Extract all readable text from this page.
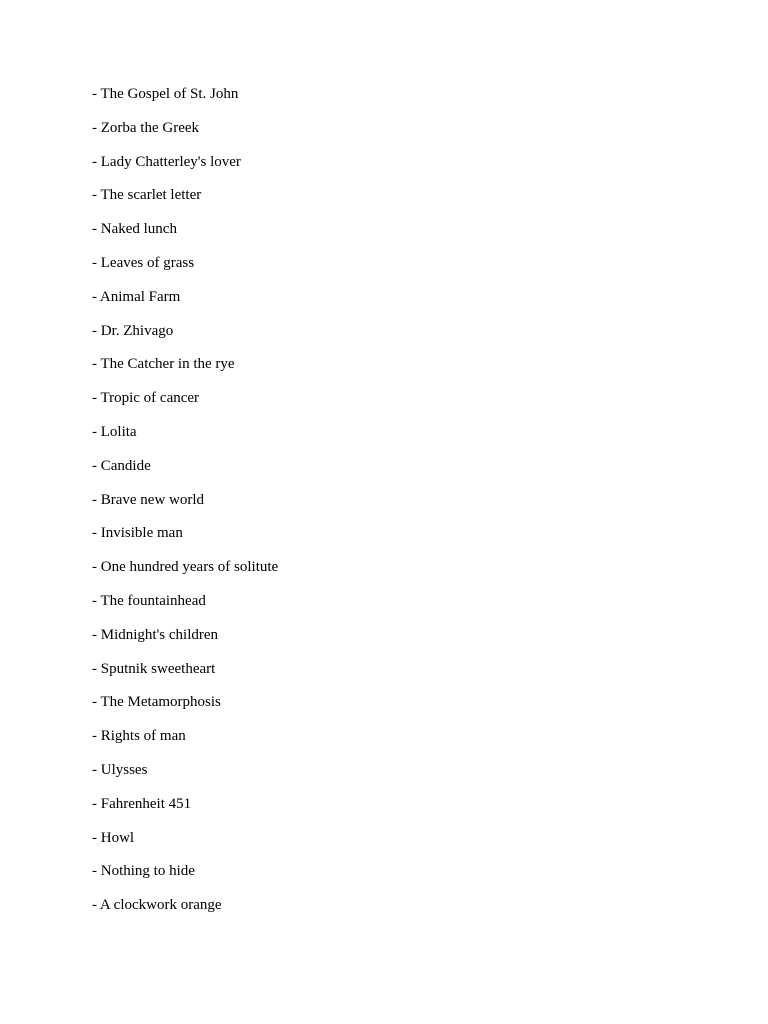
- The Gospel of St. John
- Zorba the Greek
- Lady Chatterley's lover
- The scarlet letter
- Naked lunch
- Leaves of grass
- Animal Farm
- Dr. Zhivago
- The Catcher in the rye
- Tropic of cancer
- Lolita
- Candide
- Brave new world
- Invisible man
- One hundred years of solitute
- The fountainhead
- Midnight's children
- Sputnik sweetheart
- The Metamorphosis
- Rights of man
- Ulysses
- Fahrenheit 451
- Howl
- Nothing to hide
- A clockwork orange
